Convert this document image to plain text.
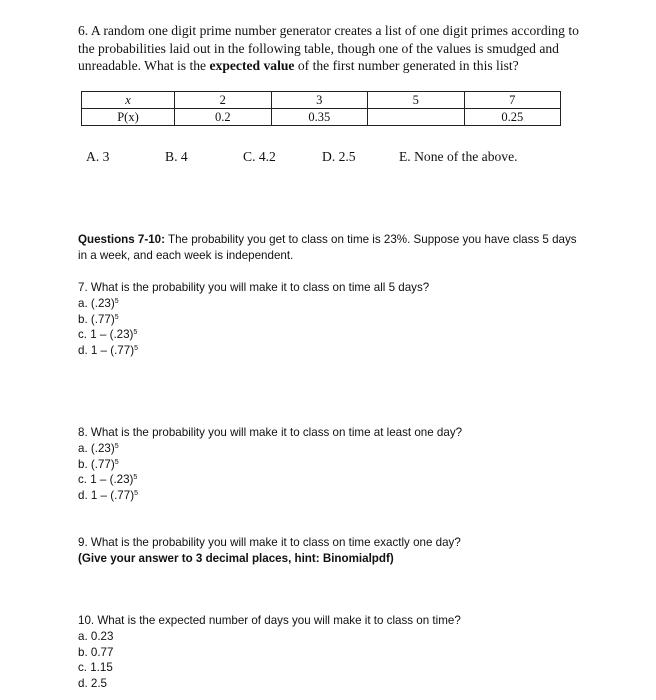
6. A random one digit prime number generator creates a list of one digit primes according to the probabilities laid out in the following table, though one of the values is smudged and unreadable. What is the expected value of the first number generated in this list?

x	2	3	5	7
P(x)	0.2	0.35		0.25
A. 3	B. 4	C. 4.2	D. 2.5	E. None of the above.

Questions 7-10: The probability you get to class on time is 23%. Suppose you have class 5 days in a week, and each week is independent.

7. What is the probability you will make it to class on time all 5 days?

a. $(.23)^5$
b. $(.77)^5$
c. $1 - (.23)^5$
d. $1 - (.77)^5$

8. What is the probability you will make it to class on time at least one day?

a. $(.23)^5$
b. $(.77)^5$
c. $1 - (.23)^5$
d. $1 - (.77)^5$

9. What is the probability you will make it to class on time exactly one day?

(Give your answer to 3 decimal places, hint: Binomialpdf)

10. What is the expected number of days you will make it to class on time?

a. 0.23
b. 0.77
c. 1.15
d. 2.5
